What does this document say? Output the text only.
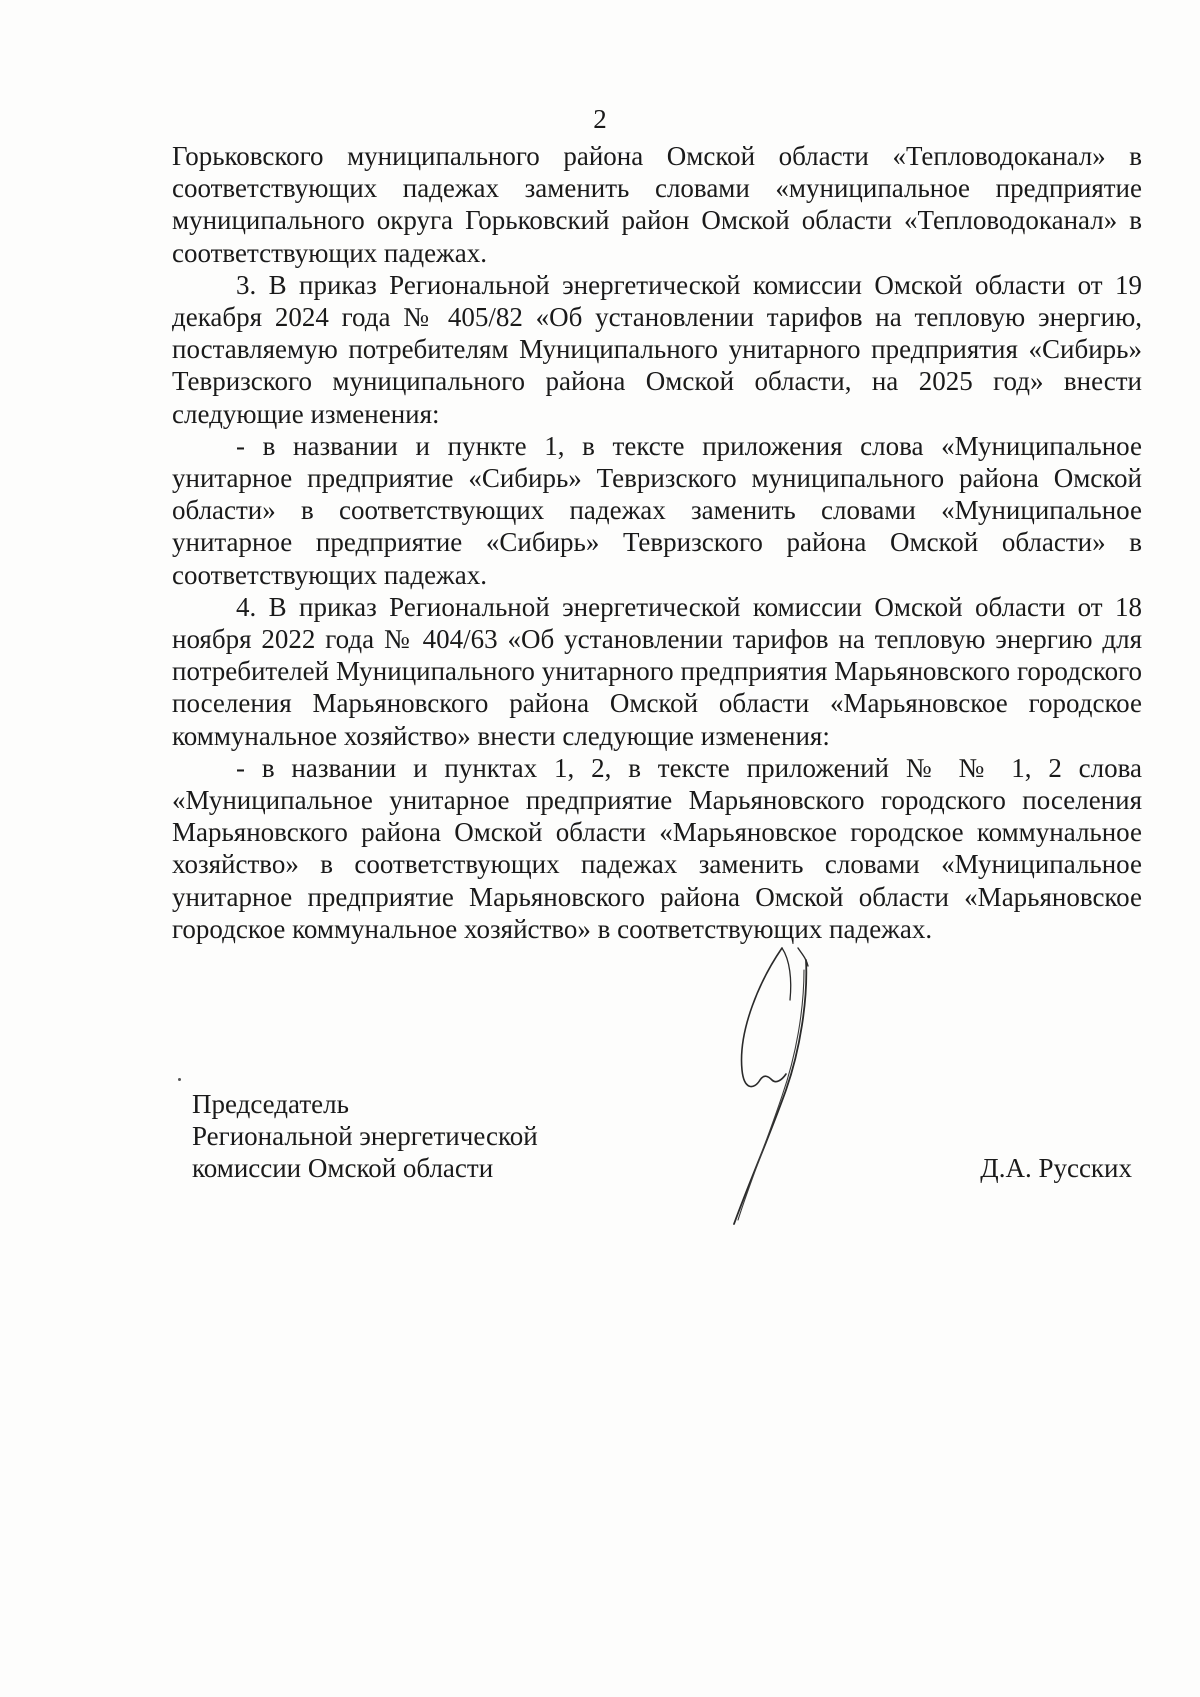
2

Горьковского муниципального района Омской области «Тепловодоканал» в соответствующих падежах заменить словами «муниципальное предприятие муниципального округа Горьковский район Омской области «Тепловодоканал» в соответствующих падежах.

3. В приказ Региональной энергетической комиссии Омской области от 19 декабря 2024 года № 405/82 «Об установлении тарифов на тепловую энергию, поставляемую потребителям Муниципального унитарного предприятия «Сибирь» Тевризского муниципального района Омской области, на 2025 год» внести следующие изменения:

- в названии и пункте 1, в тексте приложения слова «Муниципальное унитарное предприятие «Сибирь» Тевризского муниципального района Омской области» в соответствующих падежах заменить словами «Муниципальное унитарное предприятие «Сибирь» Тевризского района Омской области» в соответствующих падежах.

4. В приказ Региональной энергетической комиссии Омской области от 18 ноября 2022 года № 404/63 «Об установлении тарифов на тепловую энергию для потребителей Муниципального унитарного предприятия Марьяновского городского поселения Марьяновского района Омской области «Марьяновское городское коммунальное хозяйство» внести следующие изменения:

- в названии и пунктах 1, 2, в тексте приложений № № 1, 2 слова «Муниципальное унитарное предприятие Марьяновского городского поселения Марьяновского района Омской области «Марьяновское городское коммунальное хозяйство» в соответствующих падежах заменить словами «Муниципальное унитарное предприятие Марьяновского района Омской области «Марьяновское городское коммунальное хозяйство» в соответствующих падежах.

Председатель
Региональной энергетической
комиссии Омской области	Д.А. Русских
